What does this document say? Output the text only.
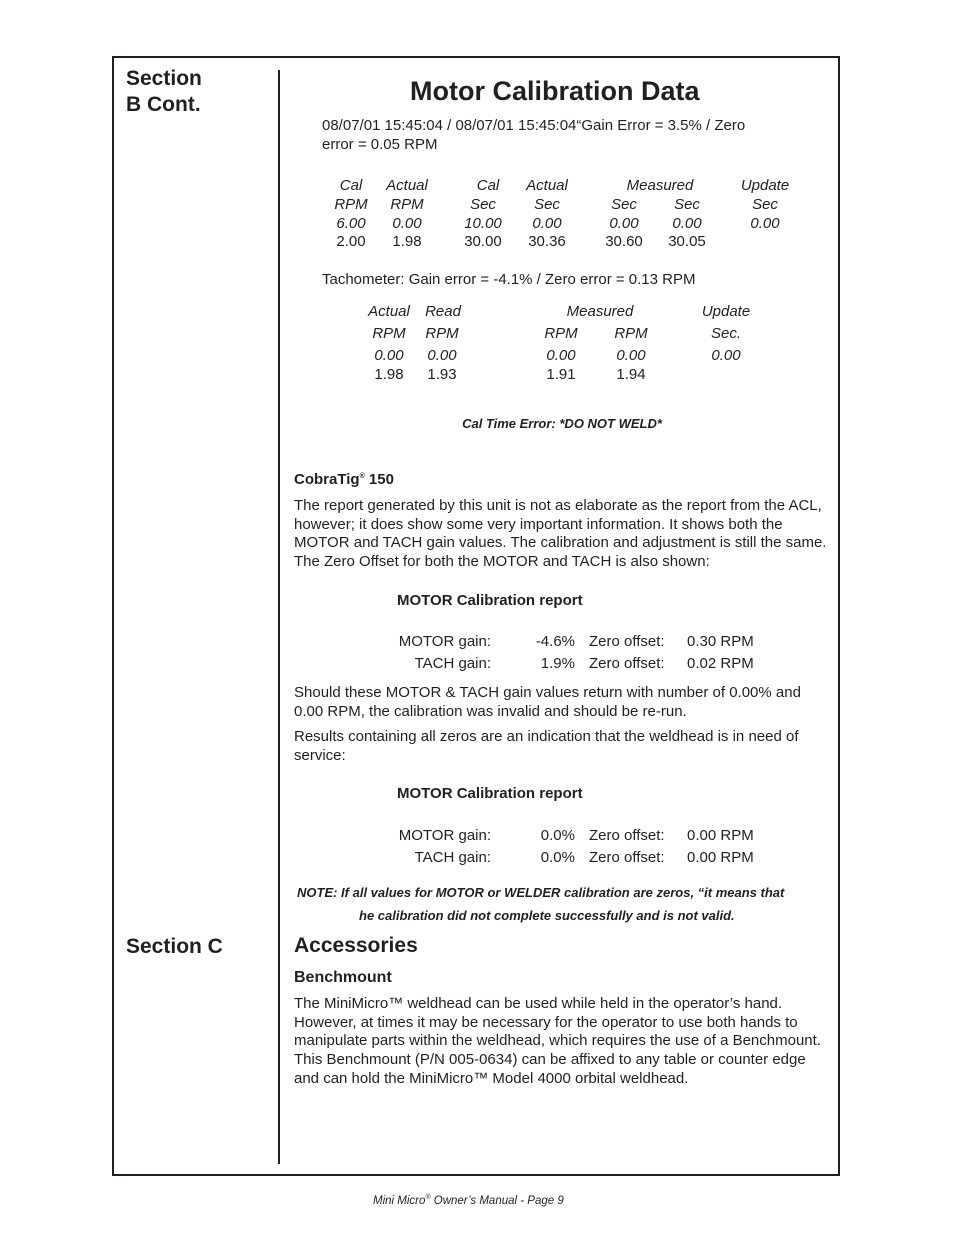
Section
B Cont.
Section C
Motor Calibration Data
08/07/01 15:45:04 / 08/07/01 15:45:04“Gain Error = 3.5% / Zero
error = 0.05 RPM
Cal	Actual	Cal	Actual	Measured	Update
RPM	RPM	Sec	Sec	Sec	Sec	Sec
6.00	0.00	10.00	0.00	0.00	0.00	0.00
2.00	1.98	30.00	30.36	30.60	30.05
Tachometer: Gain error = -4.1% / Zero error = 0.13 RPM
Actual	Read	Measured	Update
RPM	RPM	RPM	RPM	Sec.
0.00	0.00	0.00	0.00	0.00
1.98	1.93	1.91	1.94
Cal Time Error: *DO NOT WELD*
CobraTig® 150
The report generated by this unit is not as elaborate as the report from the ACL, however; it does show some very important information. It shows both the MOTOR and TACH gain values. The calibration and adjustment is still the same. The Zero Offset for both the MOTOR and TACH is also shown:
MOTOR Calibration report
MOTOR gain:	-4.6% Zero offset: 0.30 RPM
TACH gain:	1.9% Zero offset: 0.02 RPM
Should these MOTOR & TACH gain values return with number of 0.00% and 0.00 RPM, the calibration was invalid and should be re-run.
Results containing all zeros are an indication that the weldhead is in need of service:
MOTOR Calibration report
MOTOR gain:	0.0% Zero offset: 0.00 RPM
TACH gain:	0.0% Zero offset: 0.00 RPM
NOTE: If all values for MOTOR or WELDER calibration are zeros, “it means that
he calibration did not complete successfully and is not valid.
Accessories
Benchmount
The MiniMicro™ weldhead can be used while held in the operator’s hand. However, at times it may be necessary for the operator to use both hands to manipulate parts within the weldhead, which requires the use of a Benchmount. This Benchmount (P/N 005-0634) can be affixed to any table or counter edge and can hold the MiniMicro™ Model 4000 orbital weldhead.
Mini Micro® Owner’s Manual - Page 9
